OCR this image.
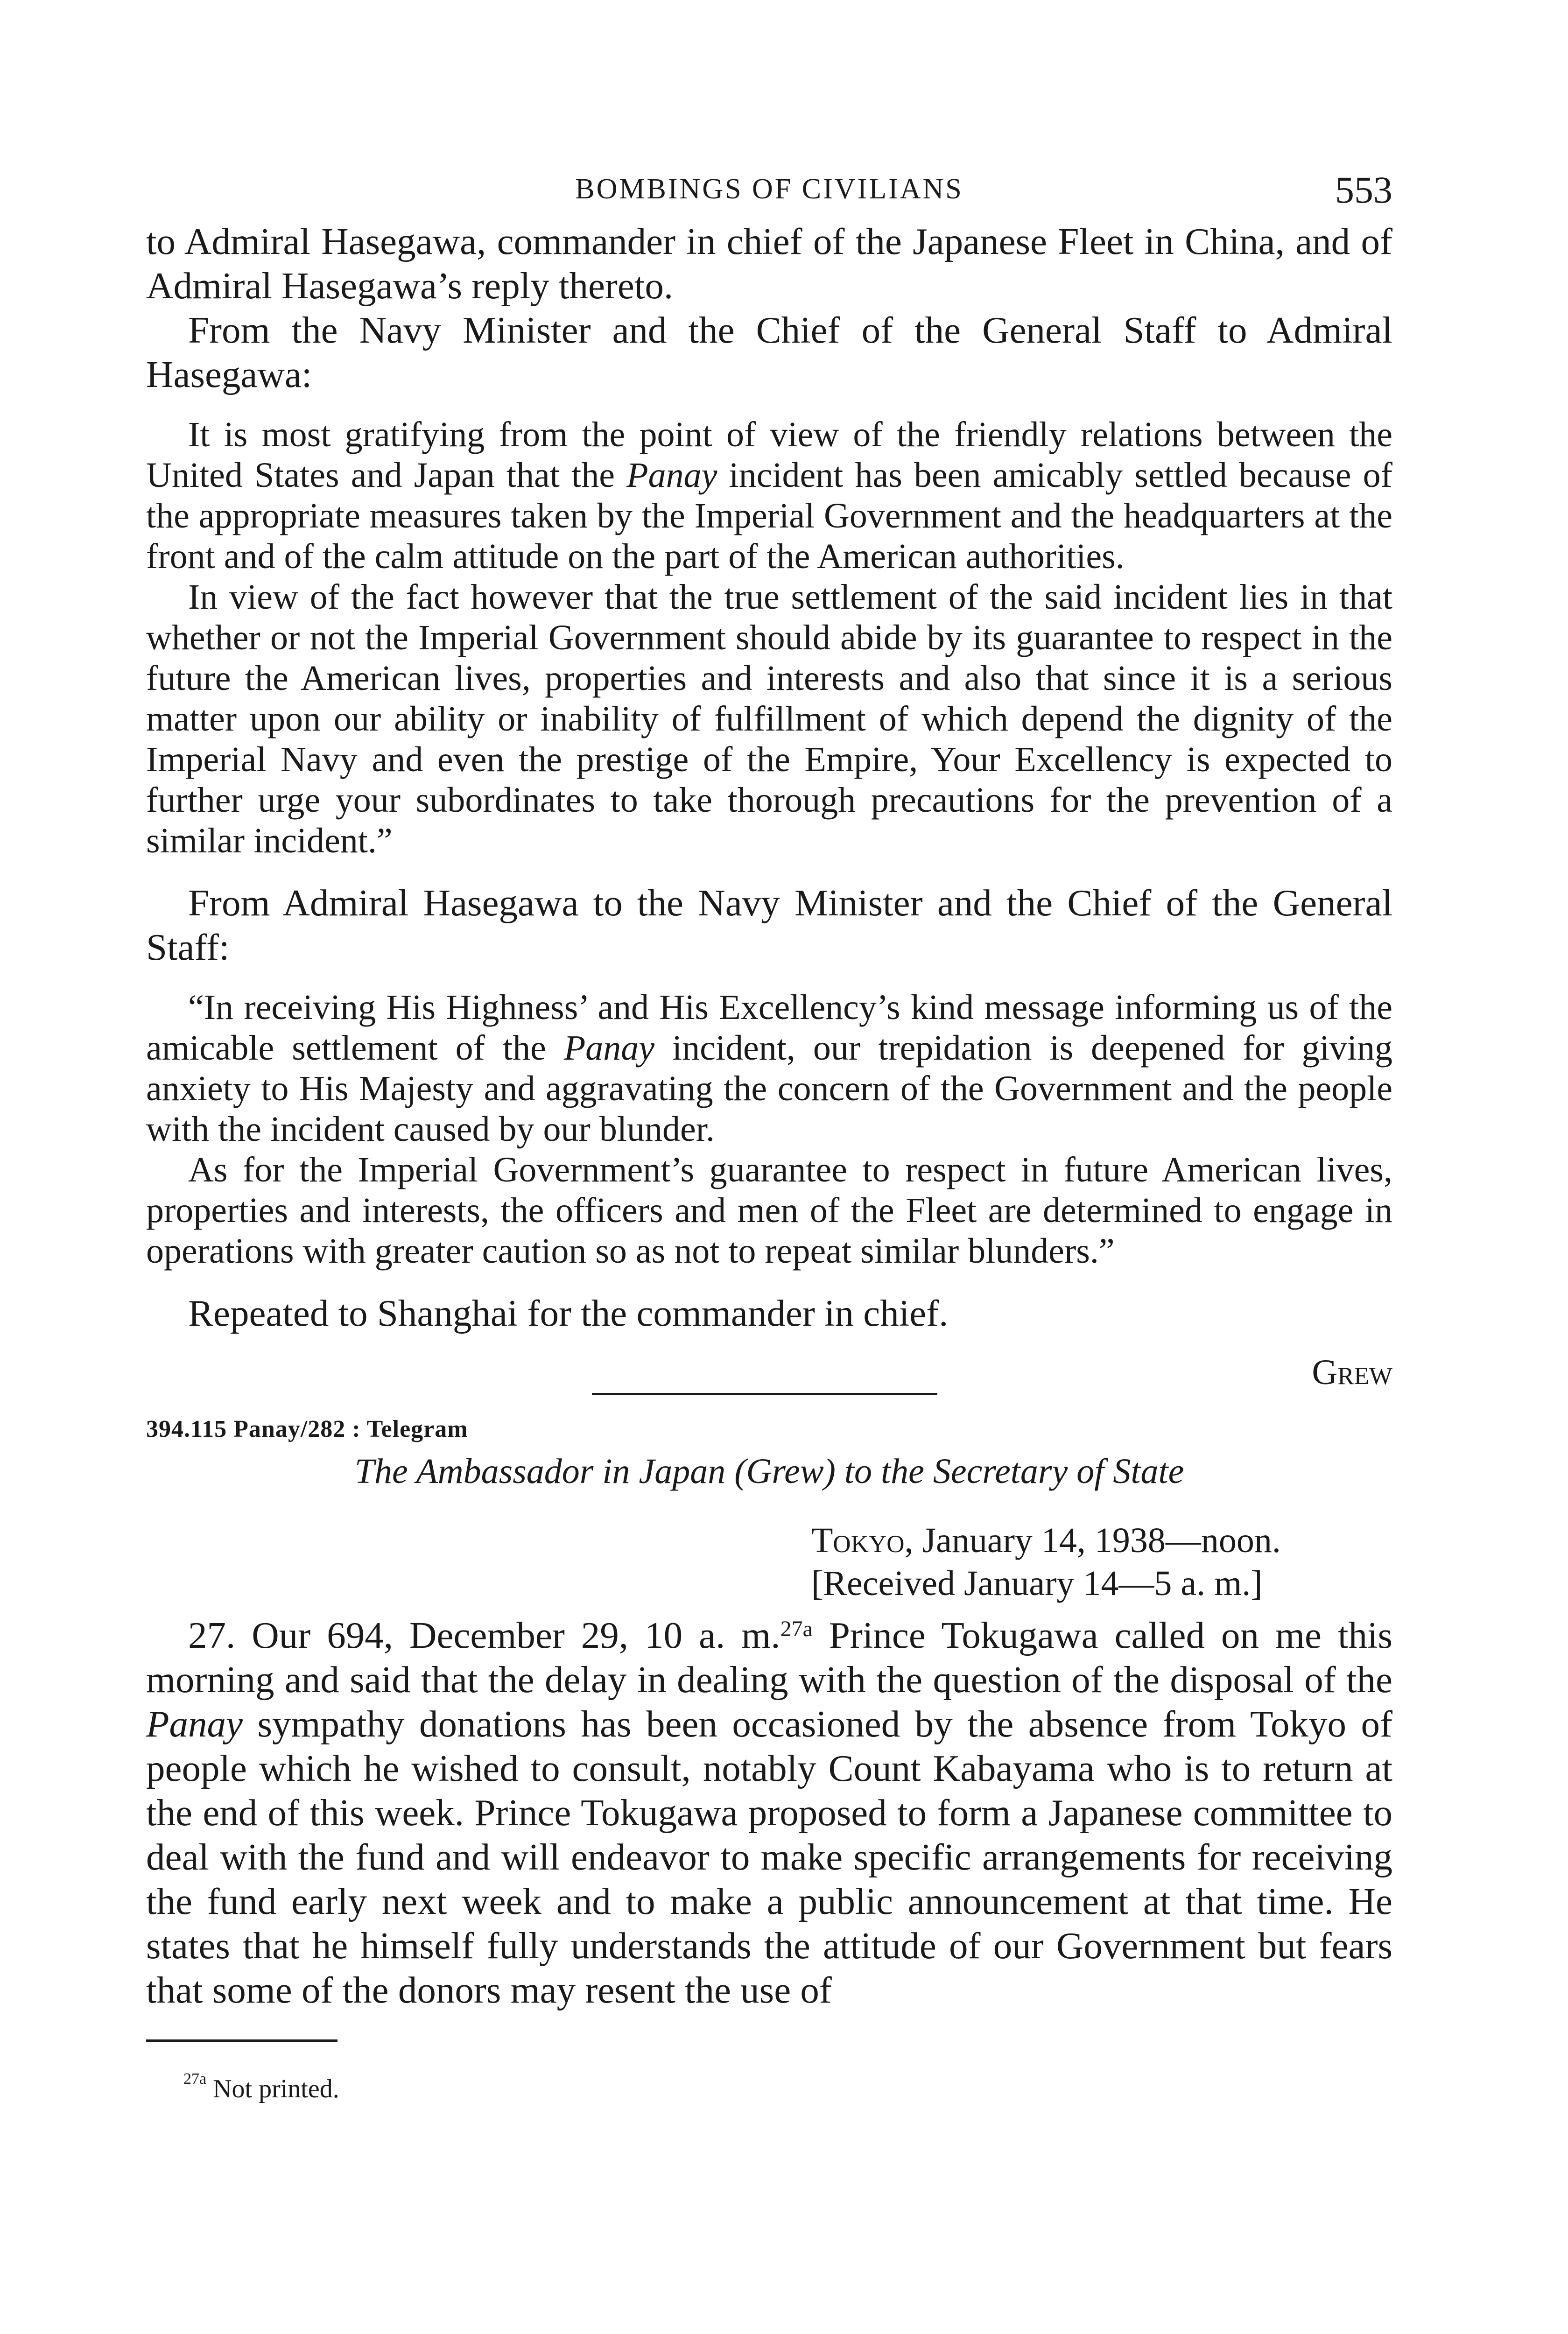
BOMBINGS OF CIVILIANS	553

to Admiral Hasegawa, commander in chief of the Japanese Fleet in China, and of Admiral Hasegawa’s reply thereto.

From the Navy Minister and the Chief of the General Staff to Admiral Hasegawa:

It is most gratifying from the point of view of the friendly relations between the United States and Japan that the Panay incident has been amicably settled because of the appropriate measures taken by the Imperial Government and the headquarters at the front and of the calm attitude on the part of the American authorities.

In view of the fact however that the true settlement of the said incident lies in that whether or not the Imperial Government should abide by its guarantee to respect in the future the American lives, properties and interests and also that since it is a serious matter upon our ability or inability of fulfillment of which depend the dignity of the Imperial Navy and even the prestige of the Empire, Your Excellency is expected to further urge your subordinates to take thorough precautions for the prevention of a similar incident.”

From Admiral Hasegawa to the Navy Minister and the Chief of the General Staff:

“In receiving His Highness’ and His Excellency’s kind message informing us of the amicable settlement of the Panay incident, our trepidation is deepened for giving anxiety to His Majesty and aggravating the concern of the Government and the people with the incident caused by our blunder.

As for the Imperial Government’s guarantee to respect in future American lives, properties and interests, the officers and men of the Fleet are determined to engage in operations with greater caution so as not to repeat similar blunders.”

Repeated to Shanghai for the commander in chief.

Grew
394.115 Panay/282 : Telegram
The Ambassador in Japan (Grew) to the Secretary of State
Tokyo, January 14, 1938—noon.
[Received January 14—5 a. m.]
27. Our 694, December 29, 10 a. m.$^{27a}$ Prince Tokugawa called on me this morning and said that the delay in dealing with the question of the disposal of the Panay sympathy donations has been occasioned by the absence from Tokyo of people which he wished to consult, notably Count Kabayama who is to return at the end of this week. Prince Tokugawa proposed to form a Japanese committee to deal with the fund and will endeavor to make specific arrangements for receiving the fund early next week and to make a public announcement at that time. He states that he himself fully understands the attitude of our Government but fears that some of the donors may resent the use of
$^{27a}$ Not printed.
